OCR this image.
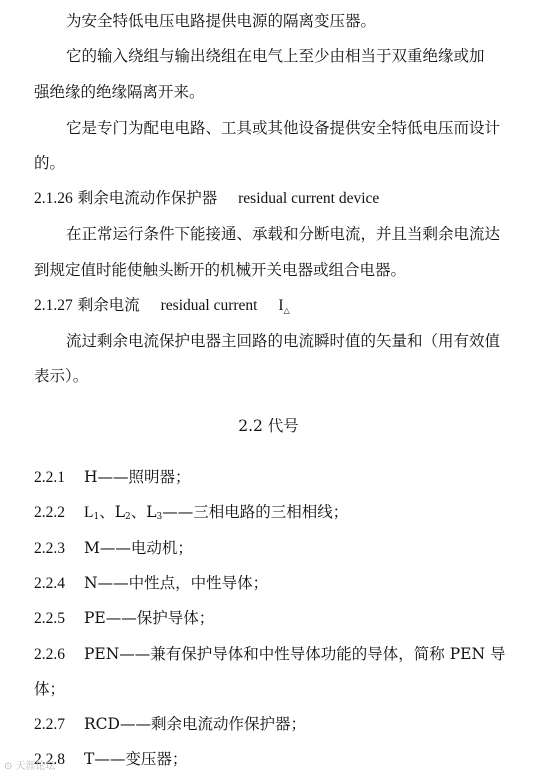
为安全特低电压电路提供电源的隔离变压器。
它的输入绕组与输出绕组在电气上至少由相当于双重绝缘或加
强绝缘的绝缘隔离开来。
它是专门为配电电路、工具或其他设备提供安全特低电压而设计
的。
2.1.26 剩余电流动作保护器 residual current device
在正常运行条件下能接通、承载和分断电流，并且当剩余电流达
到规定值时能使触头断开的机械开关电器或组合电器。
2.1.27 剩余电流 residual current I△
流过剩余电流保护电器主回路的电流瞬时值的矢量和（用有效值
表示）。
2.2 代号
2.2.1 H——照明器；
2.2.2 $L_1$、$L_2$、$L_3——$三相电路的三相相线；
2.2.3 M——电动机；
2.2.4 N——中性点，中性导体；
2.2.5 PE——保护导体；
2.2.6 PEN——兼有保护导体和中性导体功能的导体，简称 PEN 导
体；
2.2.7 RCD——剩余电流动作保护器；
2.2.8 T——变压器；
⊙ 天涯论坛
